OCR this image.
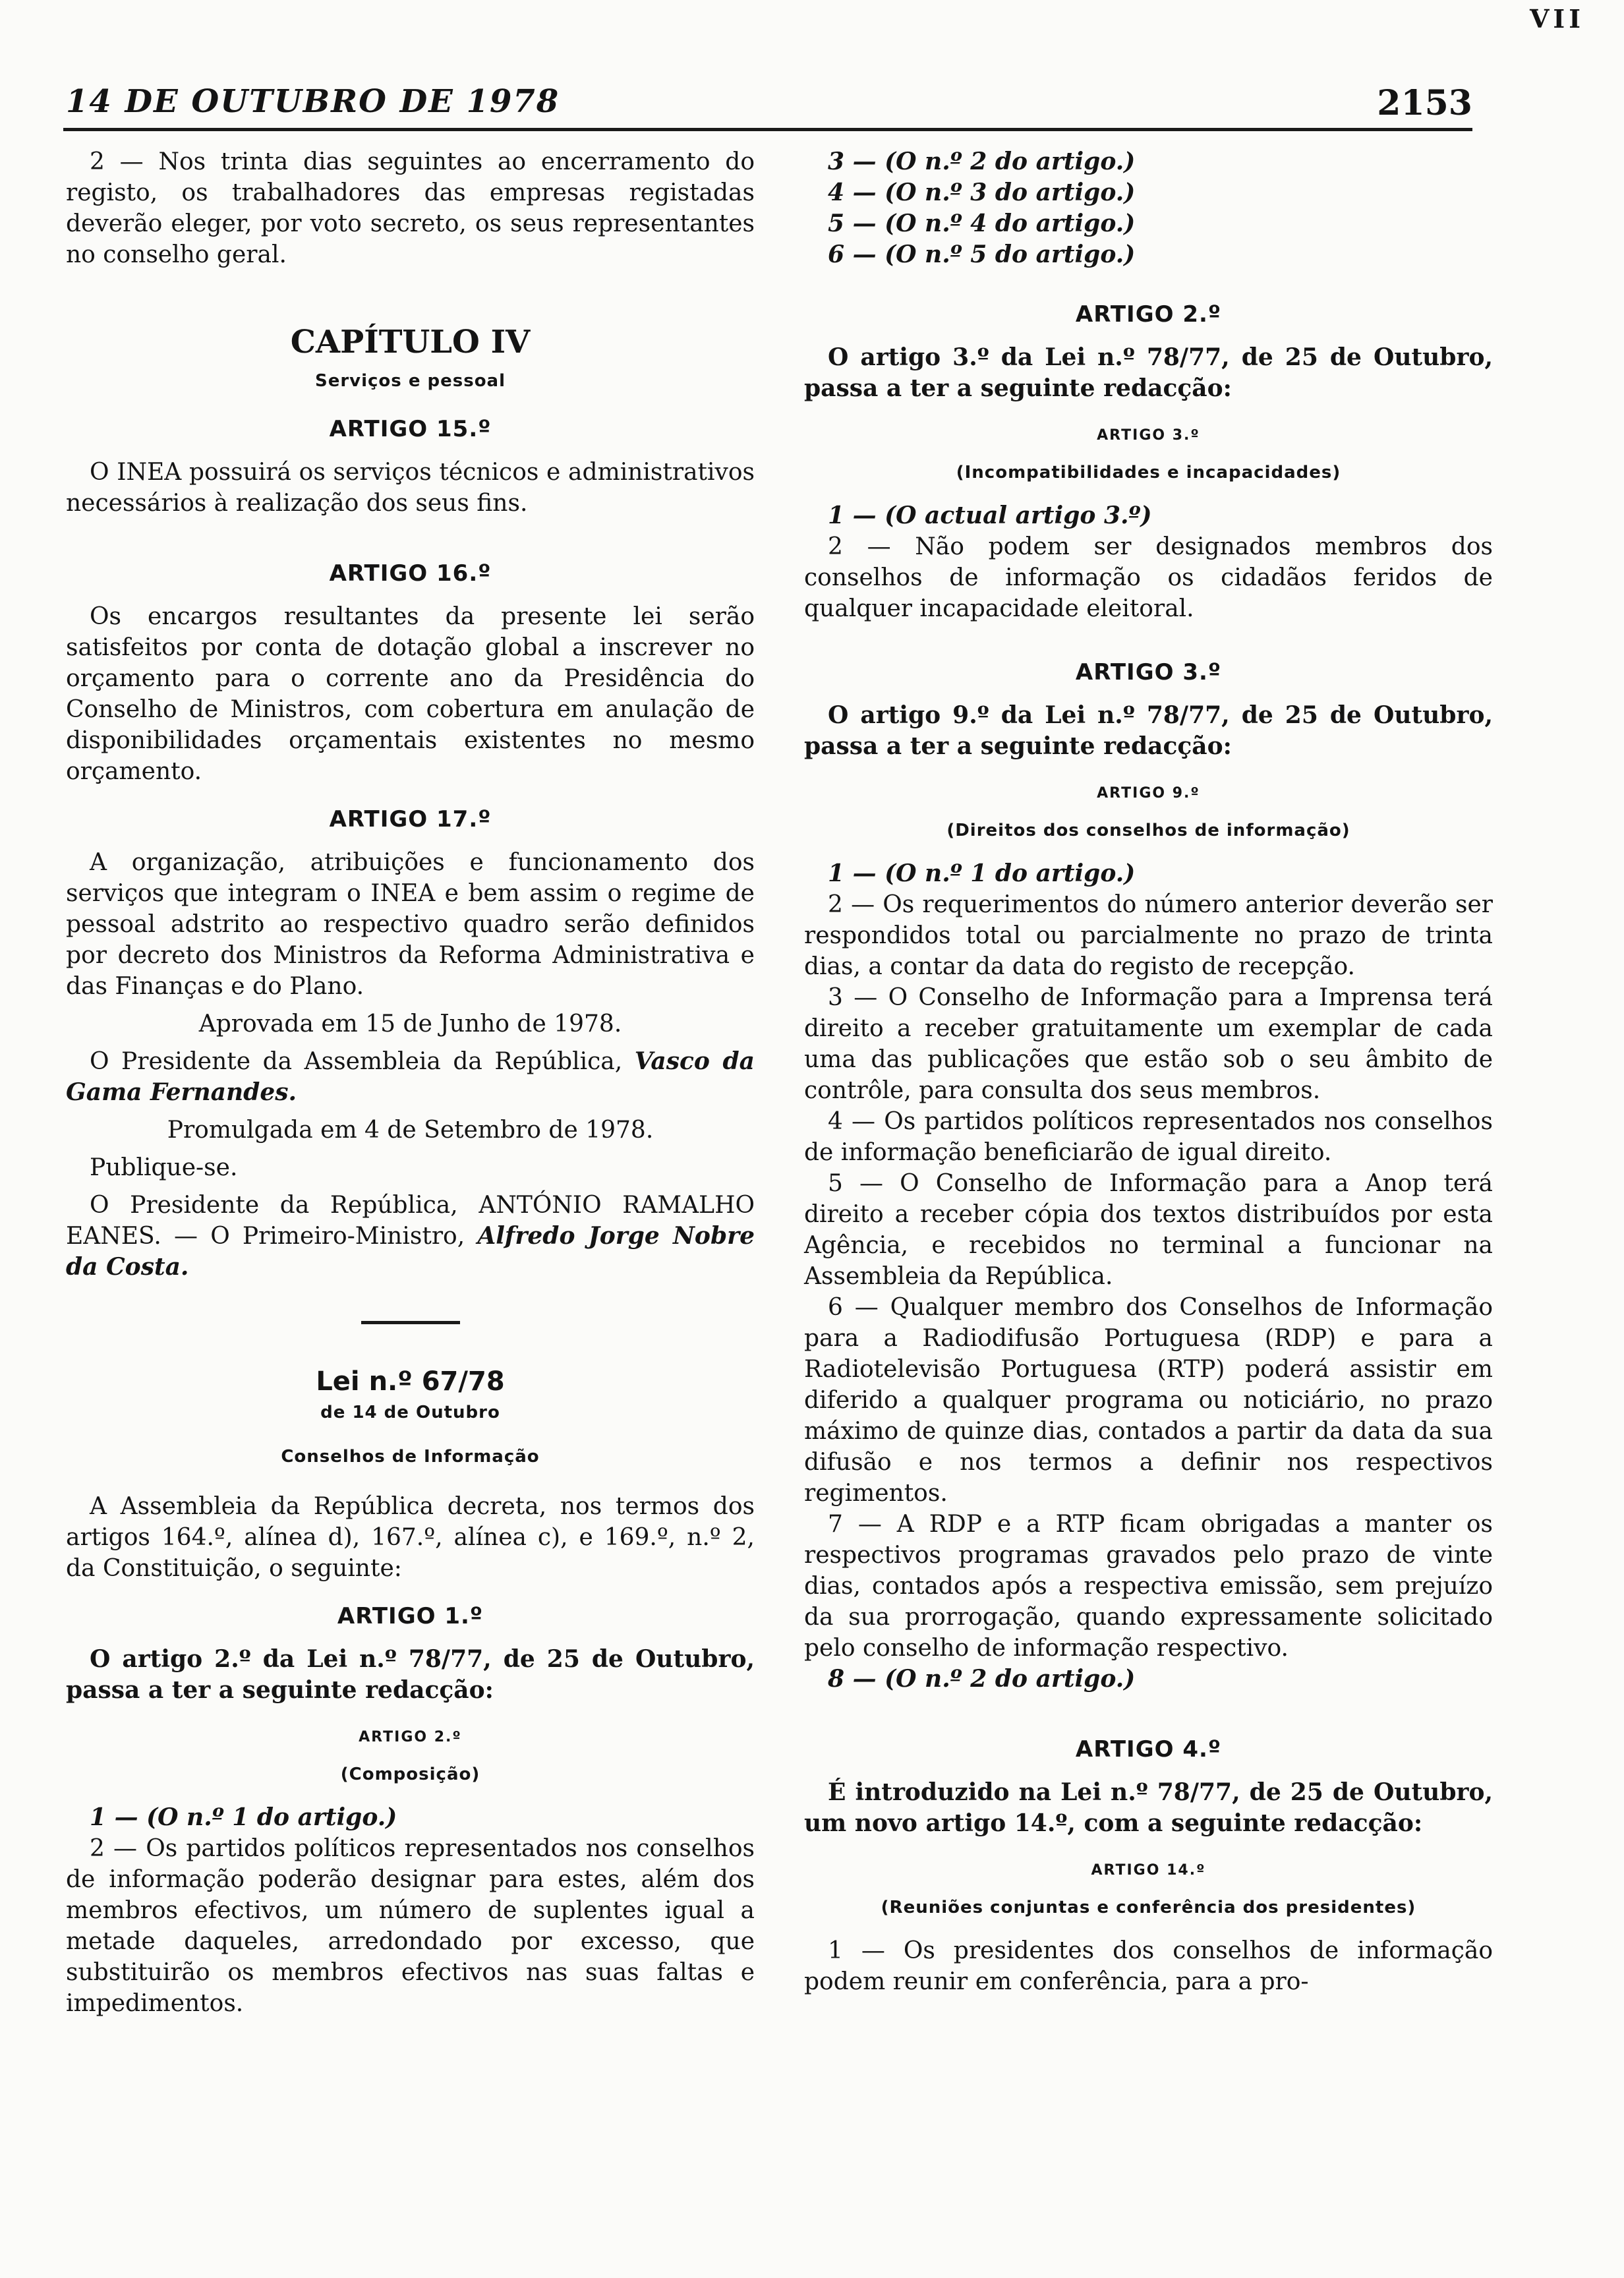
VII
14 DE OUTUBRO DE 1978	2153

2 — Nos trinta dias seguintes ao encerramento do registo, os trabalhadores das empresas registadas deverão eleger, por voto secreto, os seus representantes no conselho geral.

CAPÍTULO IV

Serviços e pessoal

ARTIGO 15.º

O INEA possuirá os serviços técnicos e administrativos necessários à realização dos seus fins.

ARTIGO 16.º

Os encargos resultantes da presente lei serão satisfeitos por conta de dotação global a inscrever no orçamento para o corrente ano da Presidência do Conselho de Ministros, com cobertura em anulação de disponibilidades orçamentais existentes no mesmo orçamento.

ARTIGO 17.º

A organização, atribuições e funcionamento dos serviços que integram o INEA e bem assim o regime de pessoal adstrito ao respectivo quadro serão definidos por decreto dos Ministros da Reforma Administrativa e das Finanças e do Plano.

Aprovada em 15 de Junho de 1978.

O Presidente da Assembleia da República, Vasco da Gama Fernandes.

Promulgada em 4 de Setembro de 1978.

Publique-se.

O Presidente da República, ANTÓNIO RAMALHO EANES. — O Primeiro-Ministro, Alfredo Jorge Nobre da Costa.

Lei n.º 67/78

de 14 de Outubro

Conselhos de Informação

A Assembleia da República decreta, nos termos dos artigos 164.º, alínea d), 167.º, alínea c), e 169.º, n.º 2, da Constituição, o seguinte:

ARTIGO 1.º

O artigo 2.º da Lei n.º 78/77, de 25 de Outubro, passa a ter a seguinte redacção:

ARTIGO 2.º

(Composição)

1 — (O n.º 1 do artigo.)

2 — Os partidos políticos representados nos conselhos de informação poderão designar para estes, além dos membros efectivos, um número de suplentes igual a metade daqueles, arredondado por excesso, que substituirão os membros efectivos nas suas faltas e impedimentos.

3 — (O n.º 2 do artigo.)

4 — (O n.º 3 do artigo.)

5 — (O n.º 4 do artigo.)

6 — (O n.º 5 do artigo.)

ARTIGO 2.º

O artigo 3.º da Lei n.º 78/77, de 25 de Outubro, passa a ter a seguinte redacção:

ARTIGO 3.º

(Incompatibilidades e incapacidades)

1 — (O actual artigo 3.º)

2 — Não podem ser designados membros dos conselhos de informação os cidadãos feridos de qualquer incapacidade eleitoral.

ARTIGO 3.º

O artigo 9.º da Lei n.º 78/77, de 25 de Outubro, passa a ter a seguinte redacção:

ARTIGO 9.º

(Direitos dos conselhos de informação)

1 — (O n.º 1 do artigo.)

2 — Os requerimentos do número anterior deverão ser respondidos total ou parcialmente no prazo de trinta dias, a contar da data do registo de recepção.

3 — O Conselho de Informação para a Imprensa terá direito a receber gratuitamente um exemplar de cada uma das publicações que estão sob o seu âmbito de contrôle, para consulta dos seus membros.

4 — Os partidos políticos representados nos conselhos de informação beneficiarão de igual direito.

5 — O Conselho de Informação para a Anop terá direito a receber cópia dos textos distribuídos por esta Agência, e recebidos no terminal a funcionar na Assembleia da República.

6 — Qualquer membro dos Conselhos de Informação para a Radiodifusão Portuguesa (RDP) e para a Radiotelevisão Portuguesa (RTP) poderá assistir em diferido a qualquer programa ou noticiário, no prazo máximo de quinze dias, contados a partir da data da sua difusão e nos termos a definir nos respectivos regimentos.

7 — A RDP e a RTP ficam obrigadas a manter os respectivos programas gravados pelo prazo de vinte dias, contados após a respectiva emissão, sem prejuízo da sua prorrogação, quando expressamente solicitado pelo conselho de informação respectivo.

8 — (O n.º 2 do artigo.)

ARTIGO 4.º

É introduzido na Lei n.º 78/77, de 25 de Outubro, um novo artigo 14.º, com a seguinte redacção:

ARTIGO 14.º

(Reuniões conjuntas e conferência dos presidentes)

1 — Os presidentes dos conselhos de informação podem reunir em conferência, para a pro-
